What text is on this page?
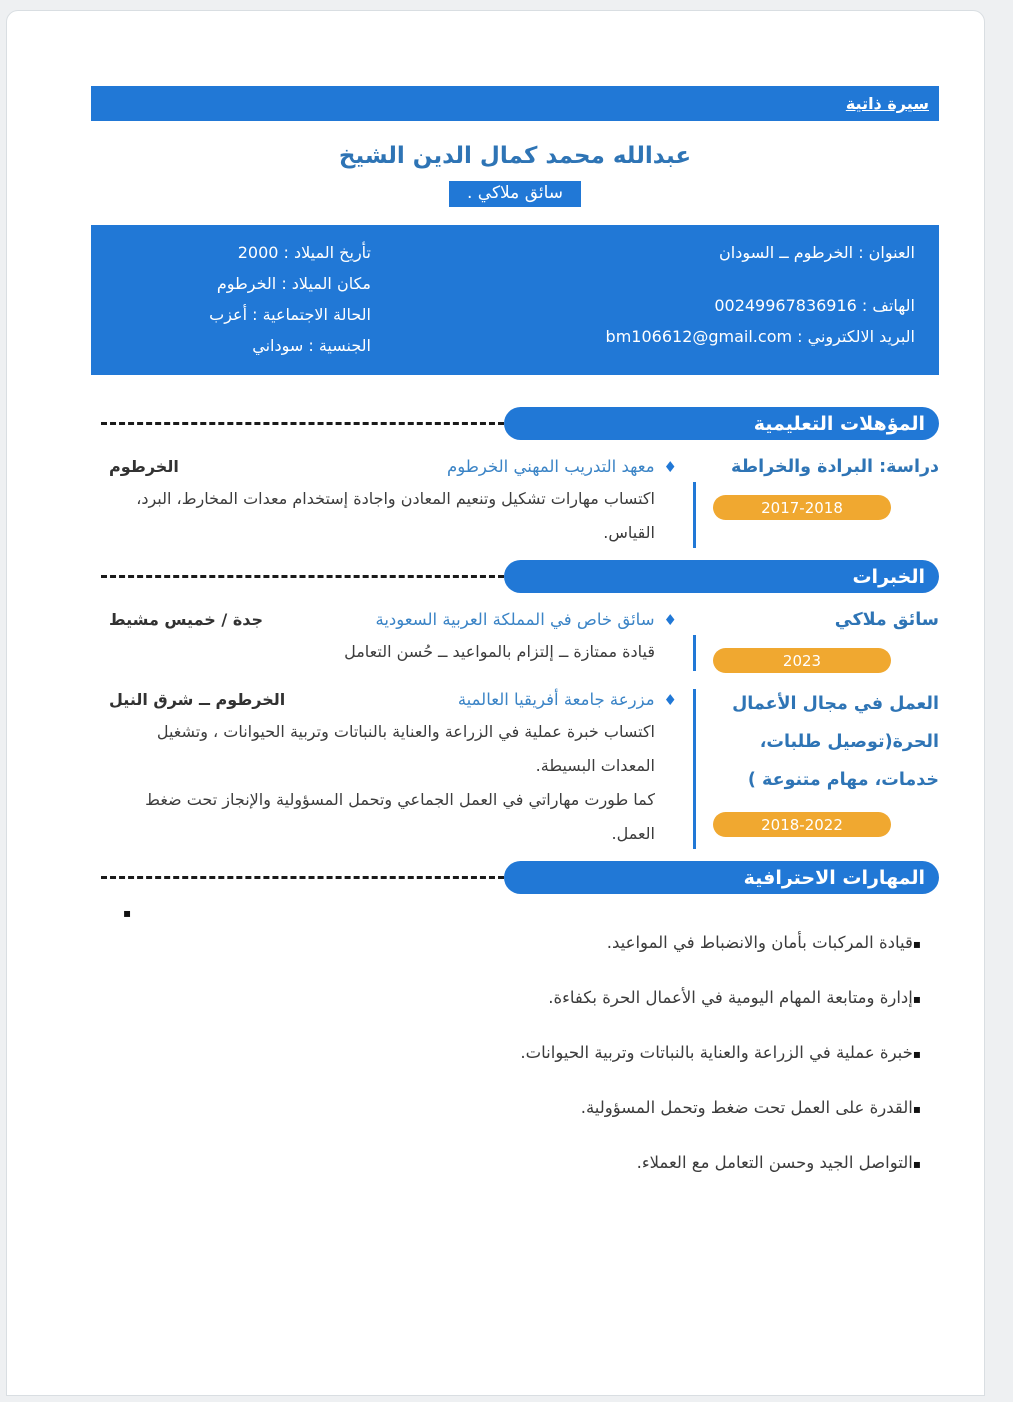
سيرة ذاتية
عبدالله محمد كمال الدين الشيخ
سائق ملاكي .

العنوان : الخرطوم ــ السودان

الهاتف : 00249967836916

البريد الالكتروني : bm106612@gmail.com

تأريخ الميلاد : 2000

مكان الميلاد : الخرطوم

الحالة الاجتماعية : أعزب

الجنسية : سوداني

المؤهلات التعليمية
دراسة: البرادة والخراطة
2017-2018
♦
معهد التدريب المهني الخرطوم
الخرطوم

اكتساب مهارات تشكيل وتنعيم المعادن واجادة إستخدام معدات المخارط، البرد، القياس.

الخبرات
سائق ملاكي
2023
♦
سائق خاص في المملكة العربية السعودية
جدة / خميس مشيط

قيادة ممتازة ــ إلتزام بالمواعيد ــ حُسن التعامل

العمل في مجال الأعمال الحرة(توصيل طلبات، خدمات، مهام متنوعة )
2018-2022
♦
مزرعة جامعة أفريقيا العالمية
الخرطوم ــ شرق النيل

اكتساب خبرة عملية في الزراعة والعناية بالنباتات وتربية الحيوانات ، وتشغيل المعدات البسيطة.

كما طورت مهاراتي في العمل الجماعي وتحمل المسؤولية والإنجاز تحت ضغط العمل.

المهارات الاحترافية
▪

▪قيادة المركبات بأمان والانضباط في المواعيد.

▪إدارة ومتابعة المهام اليومية في الأعمال الحرة بكفاءة.

▪خبرة عملية في الزراعة والعناية بالنباتات وتربية الحيوانات.

▪القدرة على العمل تحت ضغط وتحمل المسؤولية.

▪التواصل الجيد وحسن التعامل مع العملاء.
